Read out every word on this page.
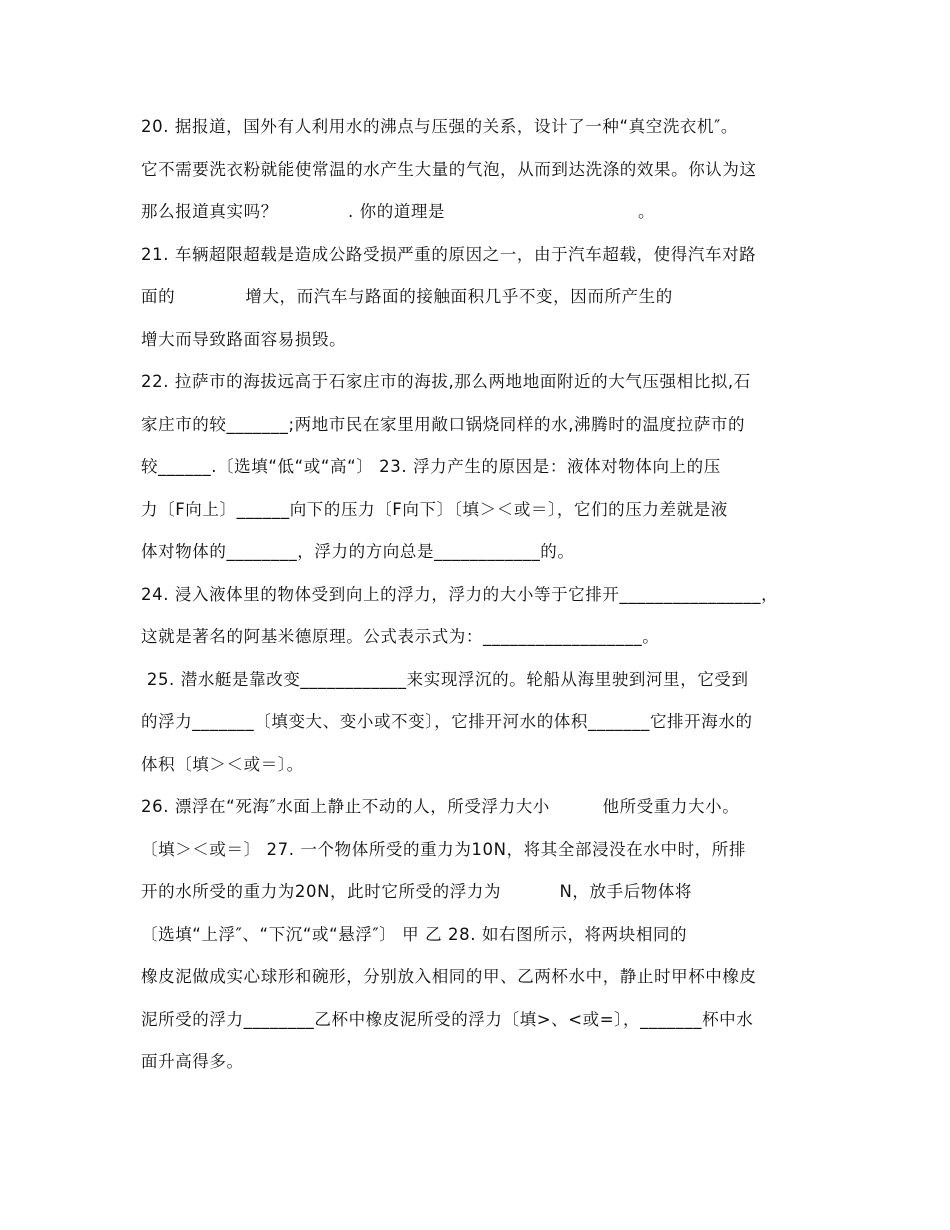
20. 据报道，国外有人利用水的沸点与压强的关系，设计了一种“真空洗衣机″。
它不需要洗衣粉就能使常温的水产生大量的气泡，从而到达洗涤的效果。你认为这
那么报道真实吗？            . 你的道理是                                 。
21. 车辆超限超载是造成公路受损严重的原因之一，由于汽车超载，使得汽车对路
面的            增大，而汽车与路面的接触面积几乎不变，因而所产生的
增大而导致路面容易损毁。
22. 拉萨市的海拔远高于石家庄市的海拔,那么两地地面附近的大气压强相比拟,石
家庄市的较_______;两地市民在家里用敞口锅烧同样的水,沸腾时的温度拉萨市的
较______.〔选填“低“或“高“〕 23. 浮力产生的原因是：液体对物体向上的压
力〔F向上〕______向下的压力〔F向下〕〔填＞＜或＝〕，它们的压力差就是液
体对物体的________，浮力的方向总是____________的。
24. 浸入液体里的物体受到向上的浮力，浮力的大小等于它排开________________，
这就是著名的阿基米德原理。公式表示式为：__________________。
25. 潜水艇是靠改变____________来实现浮沉的。轮船从海里驶到河里，它受到
的浮力_______〔填变大、变小或不变〕，它排开河水的体积_______它排开海水的
体积〔填＞＜或＝〕。
26. 漂浮在“死海″水面上静止不动的人，所受浮力大小         他所受重力大小。
〔填＞＜或＝〕 27. 一个物体所受的重力为10N，将其全部浸没在水中时，所排
开的水所受的重力为20N，此时它所受的浮力为          N，放手后物体将
〔选填“上浮″、“下沉“或“悬浮″〕 甲 乙 28. 如右图所示，将两块相同的
橡皮泥做成实心球形和碗形，分别放入相同的甲、乙两杯水中，静止时甲杯中橡皮
泥所受的浮力________乙杯中橡皮泥所受的浮力〔填>、<或=〕，_______杯中水
面升高得多。
